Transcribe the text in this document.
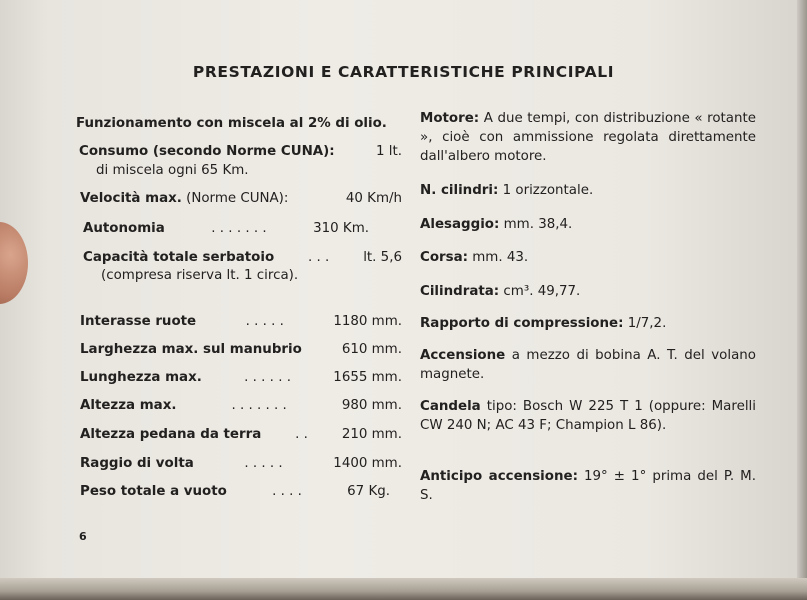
PRESTAZIONI E CARATTERISTICHE PRINCIPALI
Funzionamento con miscela al 2% di olio.
Consumo (secondo Norme CUNA):	1 lt.
di miscela ogni 65 Km.
Velocità max. (Norme CUNA):	40 Km/h
Autonomia	. . . . . . .	310 Km.
Capacità totale serbatoio	. . .	lt. 5,6
(compresa riserva lt. 1 circa).
Interasse ruote	. . . . .	1180 mm.
Larghezza max. sul manubrio	610 mm.
Lunghezza max.	. . . . . .	1655 mm.
Altezza max.	. . . . . . .	980 mm.
Altezza pedana da terra	. .	210 mm.
Raggio di volta	. . . . .	1400 mm.
Peso totale a vuoto	. . . .	67 Kg.
Motore: A due tempi, con distribuzione « rotante », cioè con ammissione regolata direttamente dall'albero motore.
N. cilindri: 1 orizzontale.
Alesaggio: mm. 38,4.
Corsa: mm. 43.
Cilindrata: cm³. 49,77.
Rapporto di compressione: 1/7,2.
Accensione a mezzo di bobina A. T. del volano magnete.
Candela tipo: Bosch W 225 T 1 (oppure: Marelli CW 240 N; AC 43 F; Champion L 86).
Anticipo accensione: 19° ± 1° prima del P. M. S.
6
